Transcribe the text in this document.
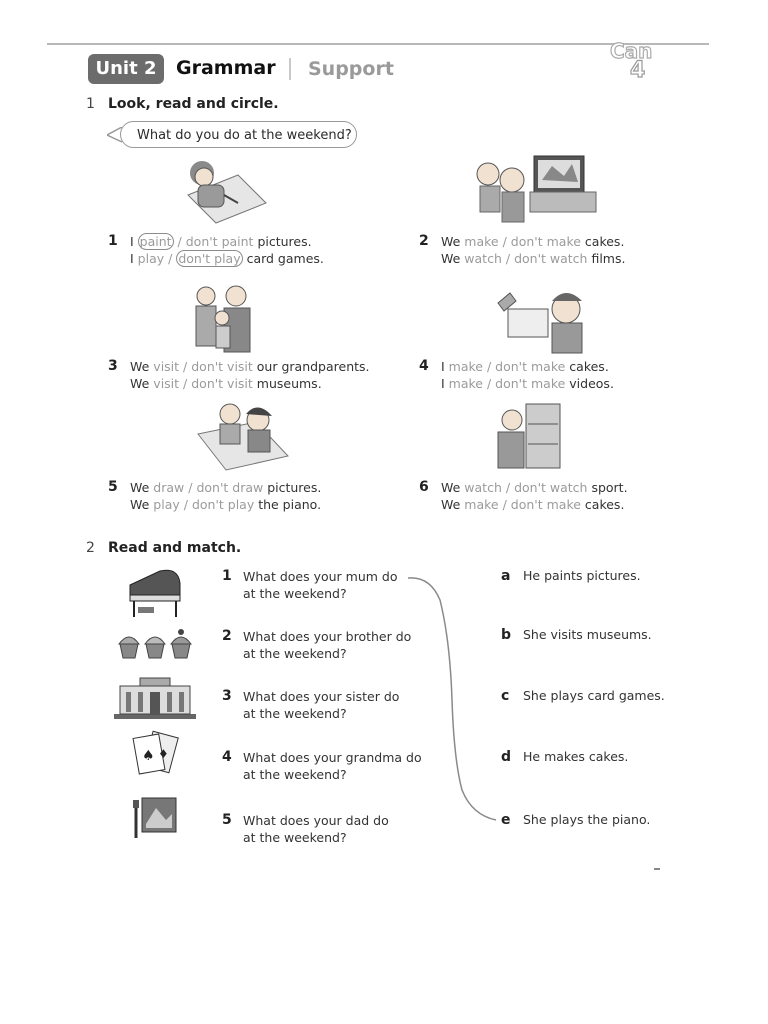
Unit 2	Grammar Support
Can
4
1 Look, read and circle.
What do you do at the weekend?
1 I paint / don't paint pictures.
I play / don't play card games.
2 We make / don't make cakes.
We watch / don't watch films.
3 We visit / don't visit our grandparents.
We visit / don't visit museums.
4 I make / don't make cakes.
I make / don't make videos.
5 We draw / don't draw pictures.
We play / don't play the piano.
6 We watch / don't watch sport.
We make / don't make cakes.
2 Read and match.
♠ ♦
1 What does your mum do
at the weekend?
2 What does your brother do
at the weekend?
3 What does your sister do
at the weekend?
4 What does your grandma do
at the weekend?
5 What does your dad do
at the weekend?
a He paints pictures.
b She visits museums.
c She plays card games.
d He makes cakes.
e She plays the piano.
